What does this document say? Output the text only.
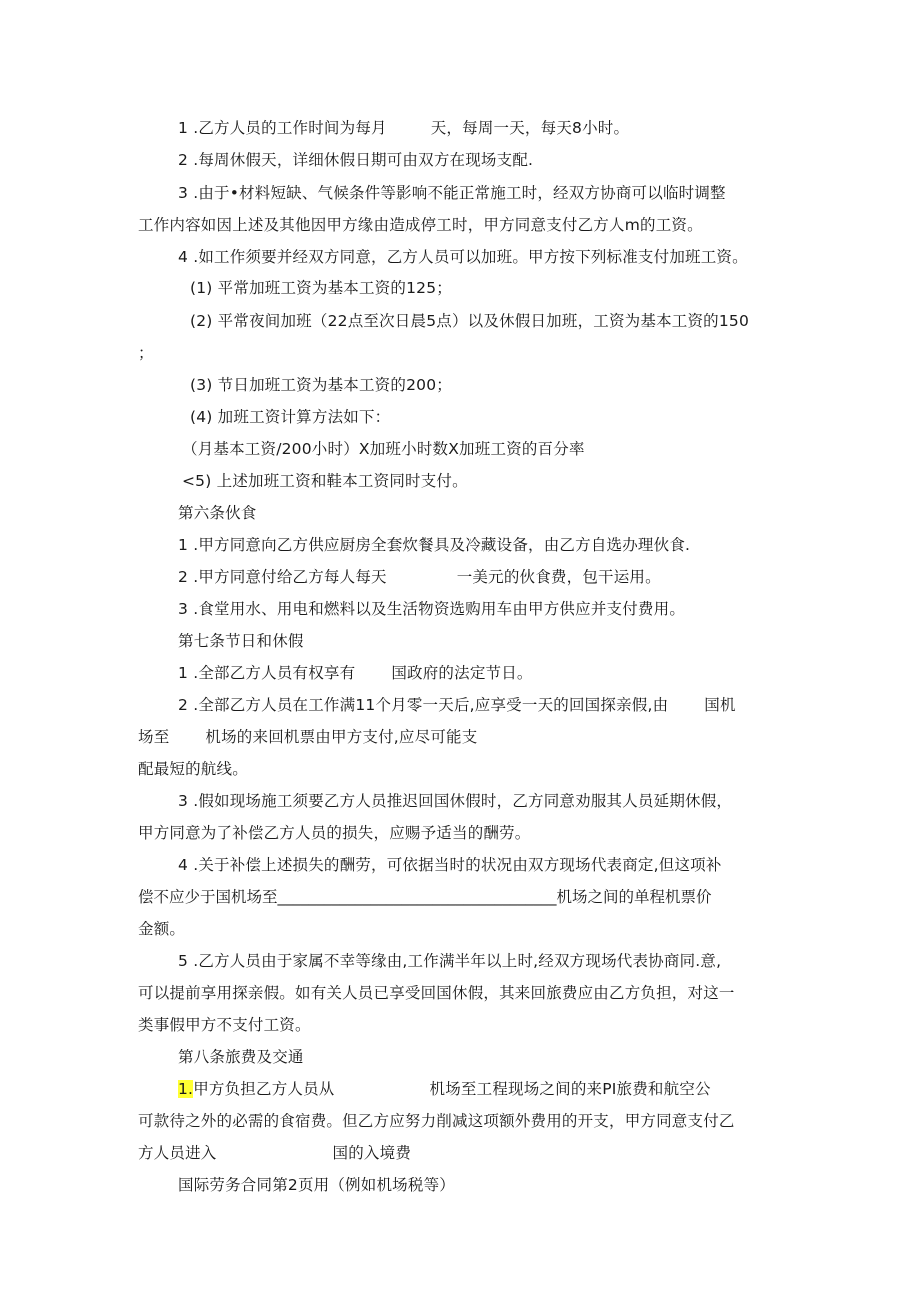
1 .乙方人员的工作时间为每月	天，每周一天，每天8小时。
2 .每周休假天，详细休假日期可由双方在现场支配.
3 .由于•材料短缺、气候条件等影响不能正常施工时，经双方协商可以临时调整
工作内容如因上述及其他因甲方缘由造成停工时，甲方同意支付乙方人m的工资。
4 .如工作须要并经双方同意，乙方人员可以加班。甲方按下列标准支付加班工资。
(1) 平常加班工资为基本工资的125；
(2) 平常夜间加班（22点至次日晨5点）以及休假日加班，工资为基本工资的150
；
(3) 节日加班工资为基本工资的200；
(4) 加班工资计算方法如下：
（月基本工资/200小时）X加班小时数X加班工资的百分率
<5) 上述加班工资和鞋本工资同时支付。
第六条伙食
1 .甲方同意向乙方供应厨房全套炊餐具及冷藏设备，由乙方自选办理伙食.
2 .甲方同意付给乙方每人每天	一美元的伙食费，包干运用。
3 .食堂用水、用电和燃料以及生活物资选购用车由甲方供应并支付费用。
第七条节日和休假
1 .全部乙方人员有权享有 国政府的法定节日。
2 .全部乙方人员在工作满11个月零一天后,应享受一天的回国探亲假,由 国机
场至 机场的来回机票由甲方支付,应尽可能支
配最短的航线。
3 .假如现场施工须要乙方人员推迟回国休假时，乙方同意劝服其人员延期休假，
甲方同意为了补偿乙方人员的损失，应赐予适当的酬劳。
4 .关于补偿上述损失的酬劳，可依据当时的状况由双方现场代表商定,但这项补
偿不应少于国机场至____________________________________机场之间的单程机票价
金额。
5 .乙方人员由于家属不幸等缘由,工作满半年以上时,经双方现场代表协商同.意,
可以提前享用探亲假。如有关人员已享受回国休假，其来回旅费应由乙方负担，对这一
类事假甲方不支付工资。
第八条旅费及交通
1.甲方负担乙方人员从	机场至工程现场之间的来PI旅费和航空公
可款待之外的必需的食宿费。但乙方应努力削减这项额外费用的开支，甲方同意支付乙
方人员进入	国的入境费
国际劳务合同第2页用（例如机场税等）
